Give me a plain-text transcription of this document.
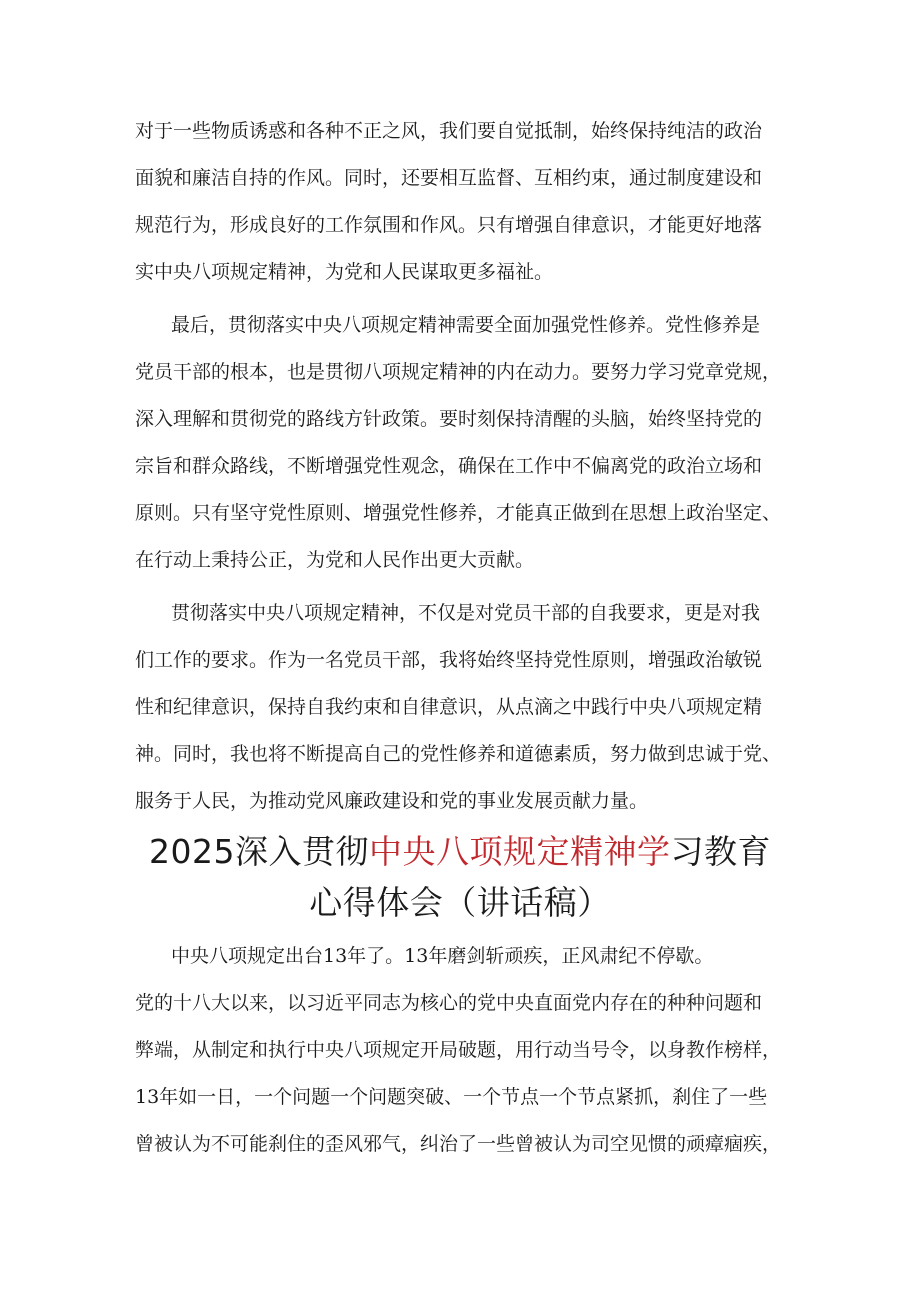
对于一些物质诱惑和各种不正之风，我们要自觉抵制，始终保持纯洁的政治
面貌和廉洁自持的作风。同时，还要相互监督、互相约束，通过制度建设和
规范行为，形成良好的工作氛围和作风。只有增强自律意识，才能更好地落
实中央八项规定精神，为党和人民谋取更多福祉。
最后，贯彻落实中央八项规定精神需要全面加强党性修养。党性修养是
党员干部的根本，也是贯彻八项规定精神的内在动力。要努力学习党章党规，
深入理解和贯彻党的路线方针政策。要时刻保持清醒的头脑，始终坚持党的
宗旨和群众路线，不断增强党性观念，确保在工作中不偏离党的政治立场和
原则。只有坚守党性原则、增强党性修养，才能真正做到在思想上政治坚定、
在行动上秉持公正，为党和人民作出更大贡献。
贯彻落实中央八项规定精神，不仅是对党员干部的自我要求，更是对我
们工作的要求。作为一名党员干部，我将始终坚持党性原则，增强政治敏锐
性和纪律意识，保持自我约束和自律意识，从点滴之中践行中央八项规定精
神。同时，我也将不断提高自己的党性修养和道德素质，努力做到忠诚于党、
服务于人民，为推动党风廉政建设和党的事业发展贡献力量。
2025深入贯彻中央八项规定精神学习教育
心得体会（讲话稿）
中央八项规定出台13年了。13年磨剑斩顽疾，正风肃纪不停歇。
党的十八大以来，以习近平同志为核心的党中央直面党内存在的种种问题和
弊端，从制定和执行中央八项规定开局破题，用行动当号令，以身教作榜样，
13年如一日，一个问题一个问题突破、一个节点一个节点紧抓，刹住了一些
曾被认为不可能刹住的歪风邪气，纠治了一些曾被认为司空见惯的顽瘴痼疾，
